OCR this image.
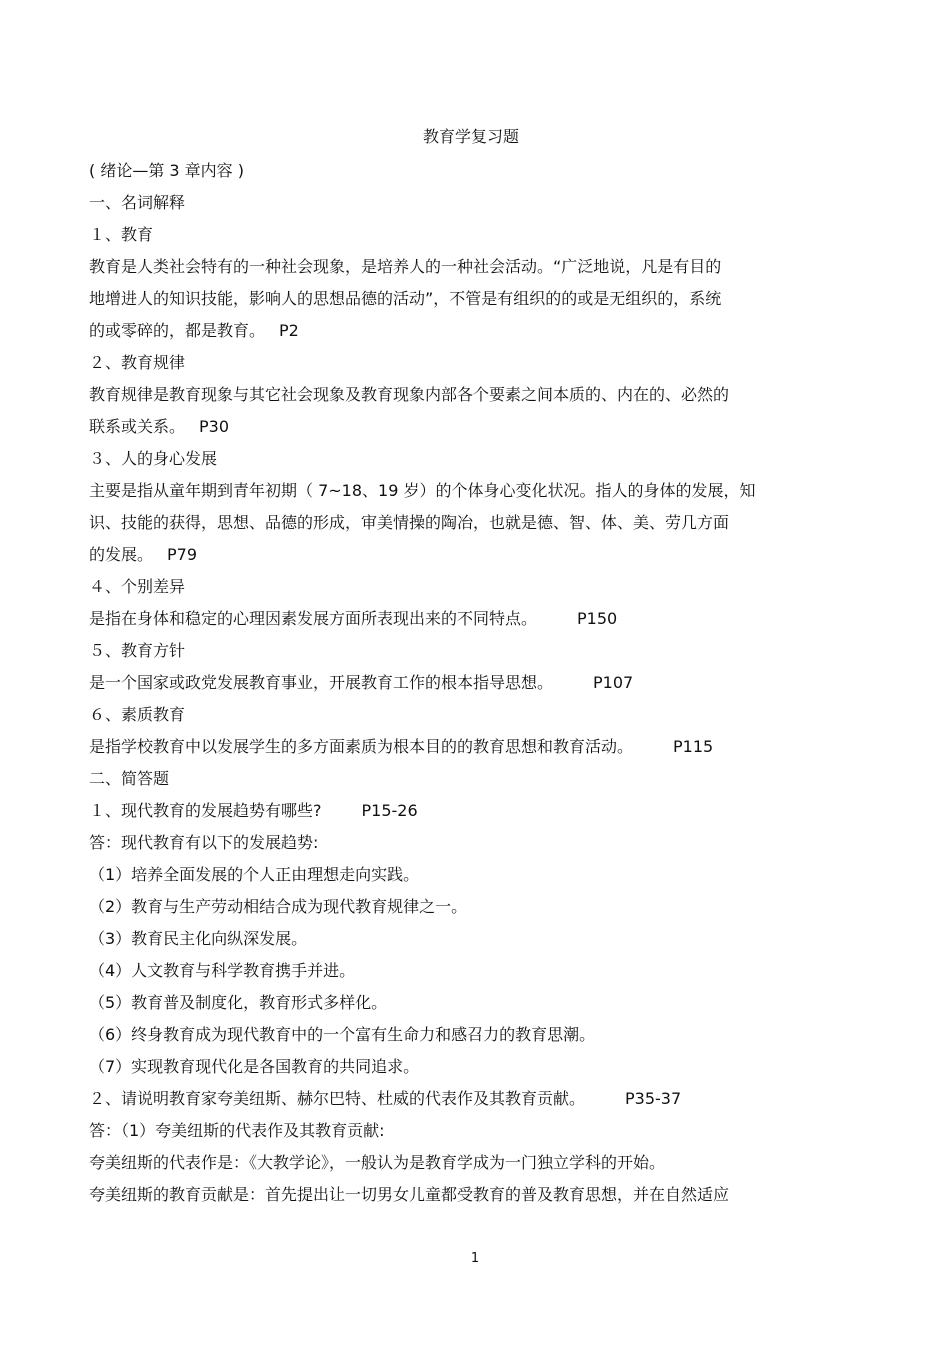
教育学复习题
( 绪论—第 3 章内容 )
一、名词解释
１、教育
教育是人类社会特有的一种社会现象，是培养人的一种社会活动。“广泛地说，凡是有目的
地增进人的知识技能，影响人的思想品德的活动”，不管是有组织的的或是无组织的，系统
的或零碎的，都是教育。 P2
２、教育规律
教育规律是教育现象与其它社会现象及教育现象内部各个要素之间本质的、内在的、必然的
联系或关系。 P30
３、人的身心发展
主要是指从童年期到青年初期（ 7~18、19 岁）的个体身心变化状况。指人的身体的发展，知
识、技能的获得，思想、品德的形成，审美情操的陶冶，也就是德、智、体、美、劳几方面
的发展。 P79
４、个别差异
是指在身体和稳定的心理因素发展方面所表现出来的不同特点。	P150
５、教育方针
是一个国家或政党发展教育事业，开展教育工作的根本指导思想。	P107
６、素质教育
是指学校教育中以发展学生的多方面素质为根本目的的教育思想和教育活动。	P115
二、简答题
１、现代教育的发展趋势有哪些?	P15-26
答：现代教育有以下的发展趋势:
（1）培养全面发展的个人正由理想走向实践。
（2）教育与生产劳动相结合成为现代教育规律之一。
（3）教育民主化向纵深发展。
（4）人文教育与科学教育携手并进。
（5）教育普及制度化，教育形式多样化。
（6）终身教育成为现代教育中的一个富有生命力和感召力的教育思潮。
（7）实现教育现代化是各国教育的共同追求。
２、请说明教育家夸美纽斯、赫尔巴特、杜威的代表作及其教育贡献。	P35-37
答：（1）夸美纽斯的代表作及其教育贡献:
夸美纽斯的代表作是：《大教学论》，一般认为是教育学成为一门独立学科的开始。
夸美纽斯的教育贡献是：首先提出让一切男女儿童都受教育的普及教育思想，并在自然适应
1
